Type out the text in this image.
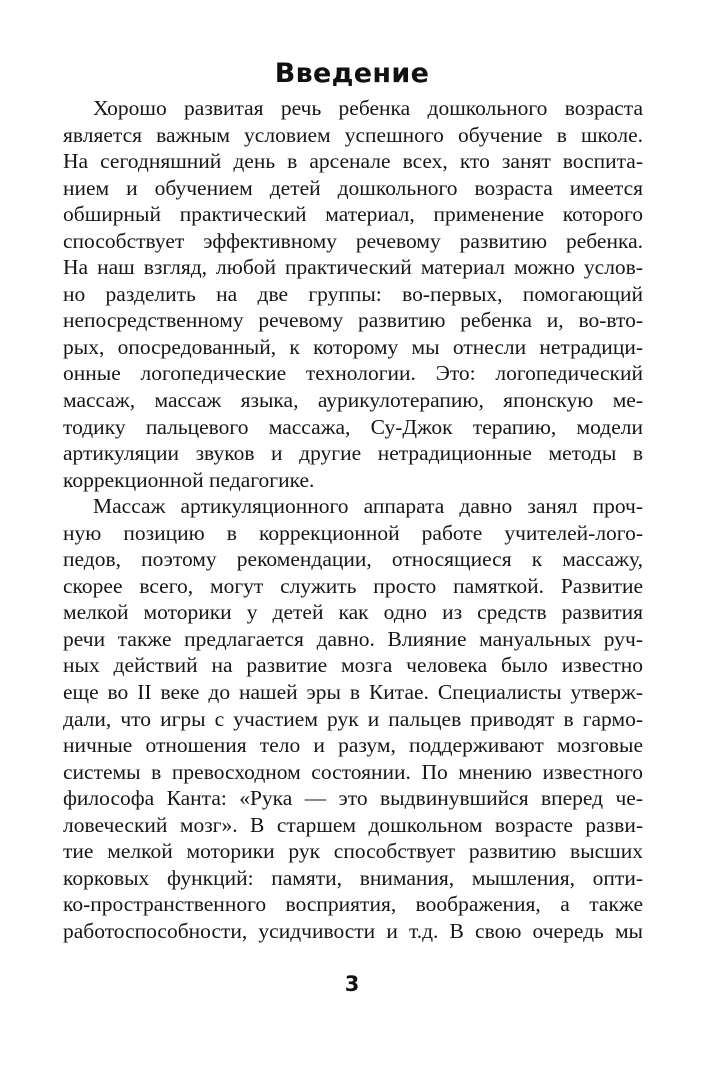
Введение
Хорошо развитая речь ребенка дошкольного возраста
является важным условием успешного обучение в школе.
На сегодняшний день в арсенале всех, кто занят воспита-
нием и обучением детей дошкольного возраста имеется
обширный практический материал, применение которого
способствует эффективному речевому развитию ребенка.
На наш взгляд, любой практический материал можно услов-
но разделить на две группы: во-первых, помогающий
непосредственному речевому развитию ребенка и, во-вто-
рых, опосредованный, к которому мы отнесли нетрадици-
онные логопедические технологии. Это: логопедический
массаж, массаж языка, аурикулотерапию, японскую ме-
тодику пальцевого массажа, Су-Джок терапию, модели
артикуляции звуков и другие нетрадиционные методы в
коррекционной педагогике.
Массаж артикуляционного аппарата давно занял проч-
ную позицию в коррекционной работе учителей-лого-
педов, поэтому рекомендации, относящиеся к массажу,
скорее всего, могут служить просто памяткой. Развитие
мелкой моторики у детей как одно из средств развития
речи также предлагается давно. Влияние мануальных руч-
ных действий на развитие мозга человека было известно
еще во II веке до нашей эры в Китае. Специалисты утверж-
дали, что игры с участием рук и пальцев приводят в гармо-
ничные отношения тело и разум, поддерживают мозговые
системы в превосходном состоянии. По мнению известного
философа Канта: «Рука — это выдвинувшийся вперед че-
ловеческий мозг». В старшем дошкольном возрасте разви-
тие мелкой моторики рук способствует развитию высших
корковых функций: памяти, внимания, мышления, опти-
ко-пространственного восприятия, воображения, а также
работоспособности, усидчивости и т.д. В свою очередь мы
3
